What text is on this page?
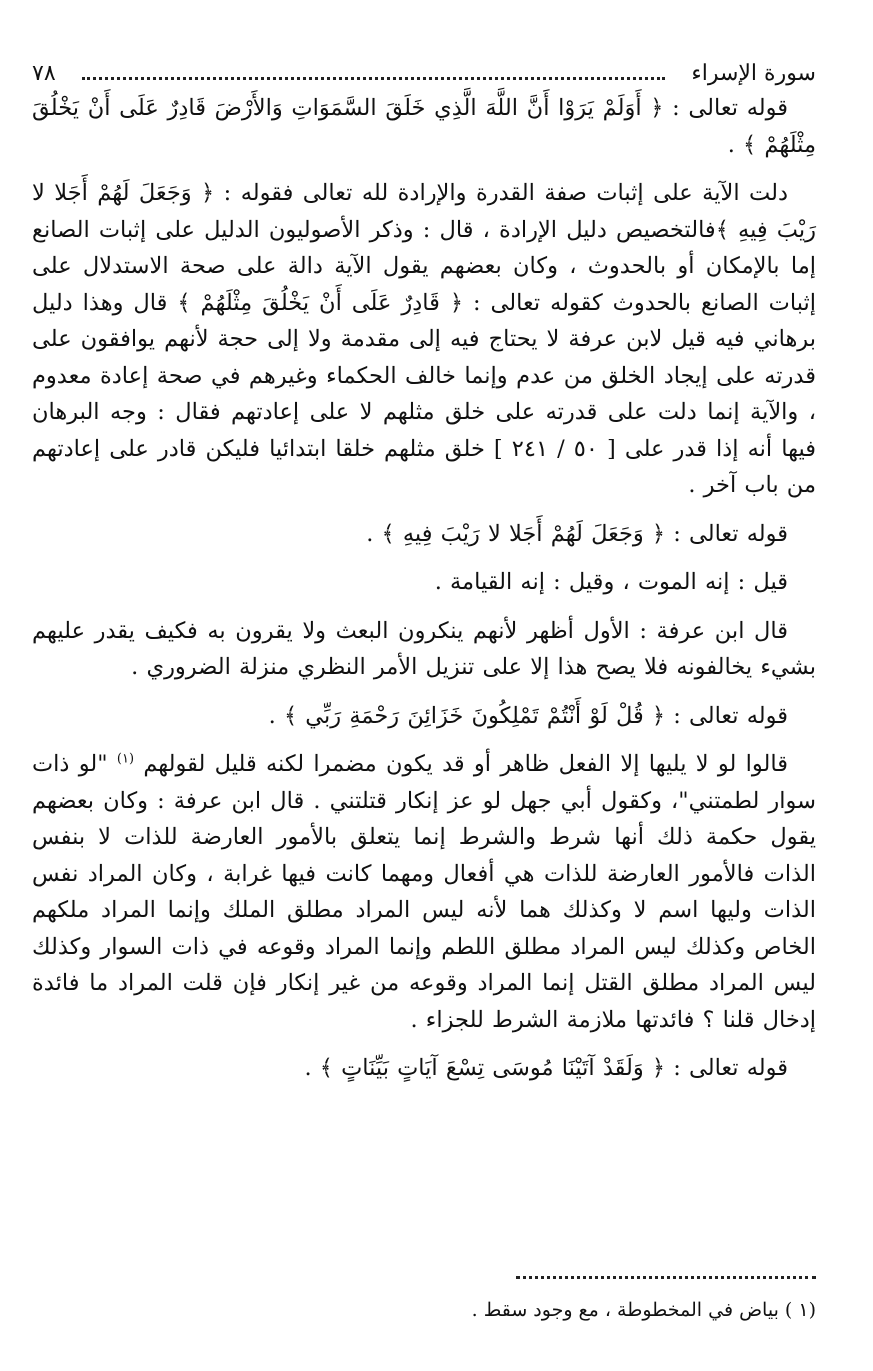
سورة الإسراء
٧٨

قوله تعالى : ﴿ أَوَلَمْ يَرَوْا أَنَّ اللَّهَ الَّذِي خَلَقَ السَّمَوَاتِ وَالأَرْضَ قَادِرٌ عَلَى أَنْ يَخْلُقَ مِثْلَهُمْ ﴾ .

دلت الآية على إثبات صفة القدرة والإرادة لله تعالى فقوله : ﴿ وَجَعَلَ لَهُمْ أَجَلا لا رَيْبَ فِيهِ ﴾فالتخصيص دليل الإرادة ، قال : وذكر الأصوليون الدليل على إثبات الصانع إما بالإمكان أو بالحدوث ، وكان بعضهم يقول الآية دالة على صحة الاستدلال على إثبات الصانع بالحدوث كقوله تعالى : ﴿ قَادِرٌ عَلَى أَنْ يَخْلُقَ مِثْلَهُمْ ﴾ قال وهذا دليل برهاني فيه قيل لابن عرفة لا يحتاج فيه إلى مقدمة ولا إلى حجة لأنهم يوافقون على قدرته على إيجاد الخلق من عدم وإنما خالف الحكماء وغيرهم في صحة إعادة معدوم ، والآية إنما دلت على قدرته على خلق مثلهم لا على إعادتهم فقال : وجه البرهان فيها أنه إذا قدر على [ ٥٠ / ٢٤١ ] خلق مثلهم خلقا ابتدائيا فليكن قادر على إعادتهم من باب آخر .

قوله تعالى : ﴿ وَجَعَلَ لَهُمْ أَجَلا لا رَيْبَ فِيهِ ﴾ .

قيل : إنه الموت ، وقيل : إنه القيامة .

قال ابن عرفة : الأول أظهر لأنهم ينكرون البعث ولا يقرون به فكيف يقدر عليهم بشيء يخالفونه فلا يصح هذا إلا على تنزيل الأمر النظري منزلة الضروري .

قوله تعالى : ﴿ قُلْ لَوْ أَنْتُمْ تَمْلِكُونَ خَزَائِنَ رَحْمَةِ رَبِّي ﴾ .

قالوا لو لا يليها إلا الفعل ظاهر أو قد يكون مضمرا لكنه قليل لقولهم $^{(١)}$ "لو ذات سوار لطمتني"، وكقول أبي جهل لو عز إنكار قتلتني . قال ابن عرفة : وكان بعضهم يقول حكمة ذلك أنها شرط والشرط إنما يتعلق بالأمور العارضة للذات لا بنفس الذات فالأمور العارضة للذات هي أفعال ومهما كانت فيها غرابة ، وكان المراد نفس الذات وليها اسم لا وكذلك هما لأنه ليس المراد مطلق الملك وإنما المراد ملكهم الخاص وكذلك ليس المراد مطلق اللطم وإنما المراد وقوعه في ذات السوار وكذلك ليس المراد مطلق القتل إنما المراد وقوعه من غير إنكار فإن قلت المراد ما فائدة إدخال قلنا ؟ فائدتها ملازمة الشرط للجزاء .

قوله تعالى : ﴿ وَلَقَدْ آتَيْنَا مُوسَى تِسْعَ آيَاتٍ بَيِّنَاتٍ ﴾ .

(١ ) بياض في المخطوطة ، مع وجود سقط .
